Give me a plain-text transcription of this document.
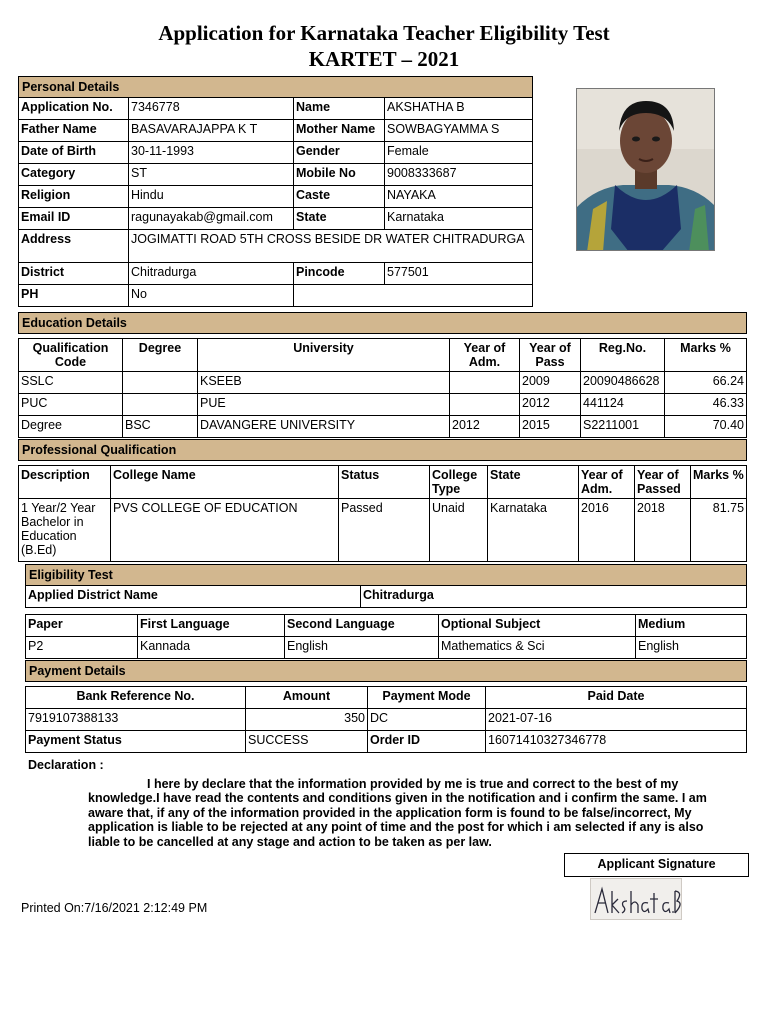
Application for Karnataka Teacher Eligibility Test
KARTET – 2021
Personal Details			
Application No.	7346778	Name	AKSHATHA B
Father Name	BASAVARAJAPPA K T	Mother Name	SOWBAGYAMMA S
Date of Birth	30-11-1993	Gender	Female
Category	ST	Mobile No	9008333687
Religion	Hindu	Caste	NAYAKA
Email ID	ragunayakab@gmail.com	State	Karnataka
Address	JOGIMATTI ROAD 5TH CROSS BESIDE DR WATER CHITRADURGA		
District	Chitradurga	Pincode	577501
PH	No		
Education Details						

Qualification Code	Degree	University	Year of Adm.	Year of Pass	Reg.No.	Marks %
SSLC		KSEEB		2009	20090486628	66.24
PUC		PUE		2012	441124	46.33
Degree	BSC	DAVANGERE UNIVERSITY	2012	2015	S2211001	70.40
Professional Qualification							

Description	College Name	Status	College Type	State	Year of Adm.	Year of Passed	Marks %
1 Year/2 Year Bachelor in Education (B.Ed)	PVS COLLEGE OF EDUCATION	Passed	Unaid	Karnataka	2016	2018	81.75
Eligibility Test
Applied District Name	Chitradurga
Paper	First Language	Second Language	Optional Subject	Medium
P2	Kannada	English	Mathematics & Sci	English
Payment Details			

Bank Reference No.	Amount	Payment Mode	Paid Date
7919107388133	350	DC	2021-07-16
Payment Status	SUCCESS	Order ID	16071410327346778
Declaration :
I here by declare that the information provided by me is true and correct to the best of my knowledge.I have read the contents and conditions given in the notification and i confirm the same. I am aware that, if any of the information provided in the application form is found to be false/incorrect, My application is liable to be rejected at any point of time and the post for which i am selected if any is also liable to be cancelled at any stage and action to be taken as per law.
Applicant Signature
Printed On:7/16/2021 2:12:49 PM
